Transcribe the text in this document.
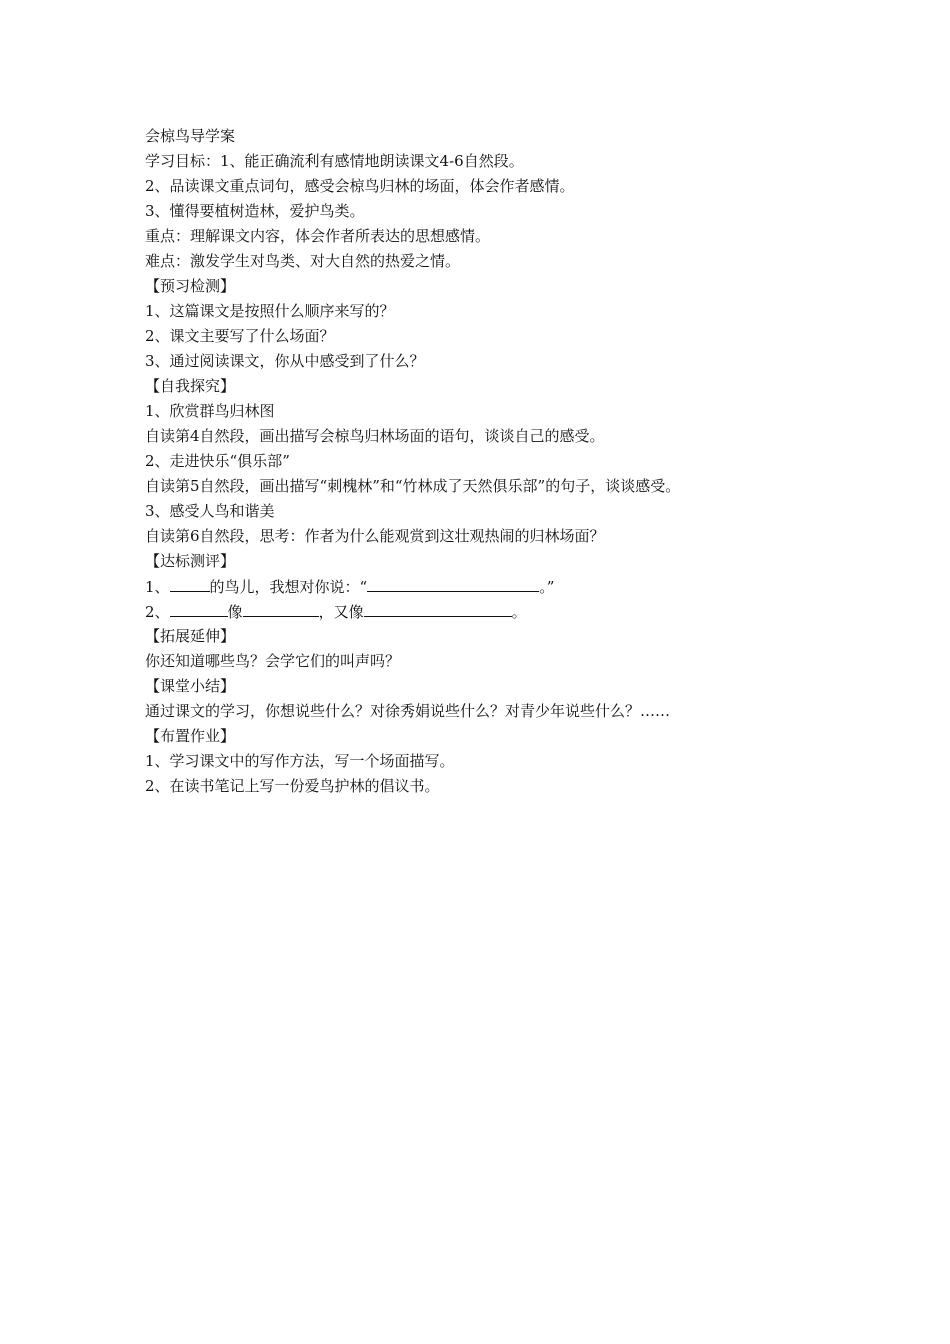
会椋鸟导学案
学习目标：1、能正确流利有感情地朗读课文4-6自然段。
2、品读课文重点词句，感受会椋鸟归林的场面，体会作者感情。
3、懂得要植树造林，爱护鸟类。
重点：理解课文内容，体会作者所表达的思想感情。
难点：激发学生对鸟类、对大自然的热爱之情。
【预习检测】
1、这篇课文是按照什么顺序来写的？
2、课文主要写了什么场面？
3、通过阅读课文，你从中感受到了什么？
【自我探究】
1、欣赏群鸟归林图
自读第4自然段，画出描写会椋鸟归林场面的语句，谈谈自己的感受。
2、走进快乐“俱乐部”
自读第5自然段，画出描写“刺槐林”和“竹林成了天然俱乐部”的句子，谈谈感受。
3、感受人鸟和谐美
自读第6自然段，思考：作者为什么能观赏到这壮观热闹的归林场面？
【达标测评】
1、	的鸟儿，我想对你说：“	。”
2、	像	，又像	。
【拓展延伸】
你还知道哪些鸟？会学它们的叫声吗？
【课堂小结】
通过课文的学习，你想说些什么？对徐秀娟说些什么？对青少年说些什么？……
【布置作业】
1、学习课文中的写作方法，写一个场面描写。
2、在读书笔记上写一份爱鸟护林的倡议书。
